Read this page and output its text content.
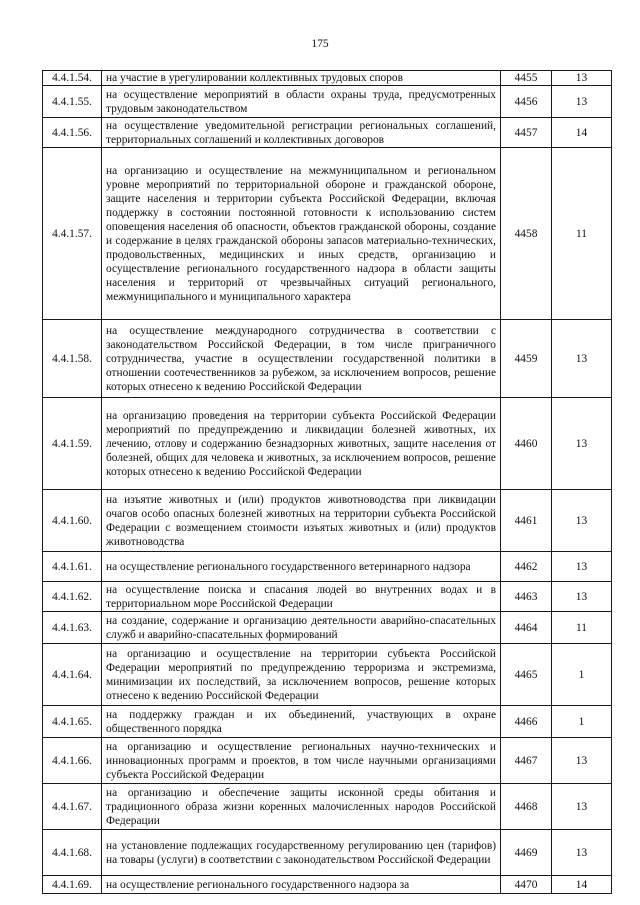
175
4.4.1.54.	на участие в урегулировании коллективных трудовых споров	4455	13
4.4.1.55.	на осуществление мероприятий в области охраны труда, предусмотренных трудовым законодательством	4456	13
4.4.1.56.	на осуществление уведомительной регистрации региональных соглашений, территориальных соглашений и коллективных договоров	4457	14
4.4.1.57.	на организацию и осуществление на межмуниципальном и региональном уровне мероприятий по территориальной обороне и гражданской обороне, защите населения и территории субъекта Российской Федерации, включая поддержку в состоянии постоянной готовности к использованию систем оповещения населения об опасности, объектов гражданской обороны, создание и содержание в целях гражданской обороны запасов материально-технических, продовольственных, медицинских и иных средств, организацию и осуществление регионального государственного надзора в области защиты населения и территорий от чрезвычайных ситуаций регионального, межмуниципального и муниципального характера	4458	11
4.4.1.58.	на осуществление международного сотрудничества в соответствии с законодательством Российской Федерации, в том числе приграничного сотрудничества, участие в осуществлении государственной политики в отношении соотечественников за рубежом, за исключением вопросов, решение которых отнесено к ведению Российской Федерации	4459	13
4.4.1.59.	на организацию проведения на территории субъекта Российской Федерации мероприятий по предупреждению и ликвидации болезней животных, их лечению, отлову и содержанию безнадзорных животных, защите населения от болезней, общих для человека и животных, за исключением вопросов, решение которых отнесено к ведению Российской Федерации	4460	13
4.4.1.60.	на изъятие животных и (или) продуктов животноводства при ликвидации очагов особо опасных болезней животных на территории субъекта Российской Федерации с возмещением стоимости изъятых животных и (или) продуктов животноводства	4461	13
4.4.1.61.	на осуществление регионального государственного ветеринарного надзора	4462	13
4.4.1.62.	на осуществление поиска и спасания людей во внутренних водах и в территориальном море Российской Федерации	4463	13
4.4.1.63.	на создание, содержание и организацию деятельности аварийно-спасательных служб и аварийно-спасательных формирований	4464	11
4.4.1.64.	на организацию и осуществление на территории субъекта Российской Федерации мероприятий по предупреждению терроризма и экстремизма, минимизации их последствий, за исключением вопросов, решение которых отнесено к ведению Российской Федерации	4465	1
4.4.1.65.	на поддержку граждан и их объединений, участвующих в охране общественного порядка	4466	1
4.4.1.66.	на организацию и осуществление региональных научно-технических и инновационных программ и проектов, в том числе научными организациями субъекта Российской Федерации	4467	13
4.4.1.67.	на организацию и обеспечение защиты исконной среды обитания и традиционного образа жизни коренных малочисленных народов Российской Федерации	4468	13
4.4.1.68.	на установление подлежащих государственному регулированию цен (тарифов) на товары (услуги) в соответствии с законодательством Российской Федерации	4469	13
4.4.1.69.	на осуществление регионального государственного надзора за	4470	14
